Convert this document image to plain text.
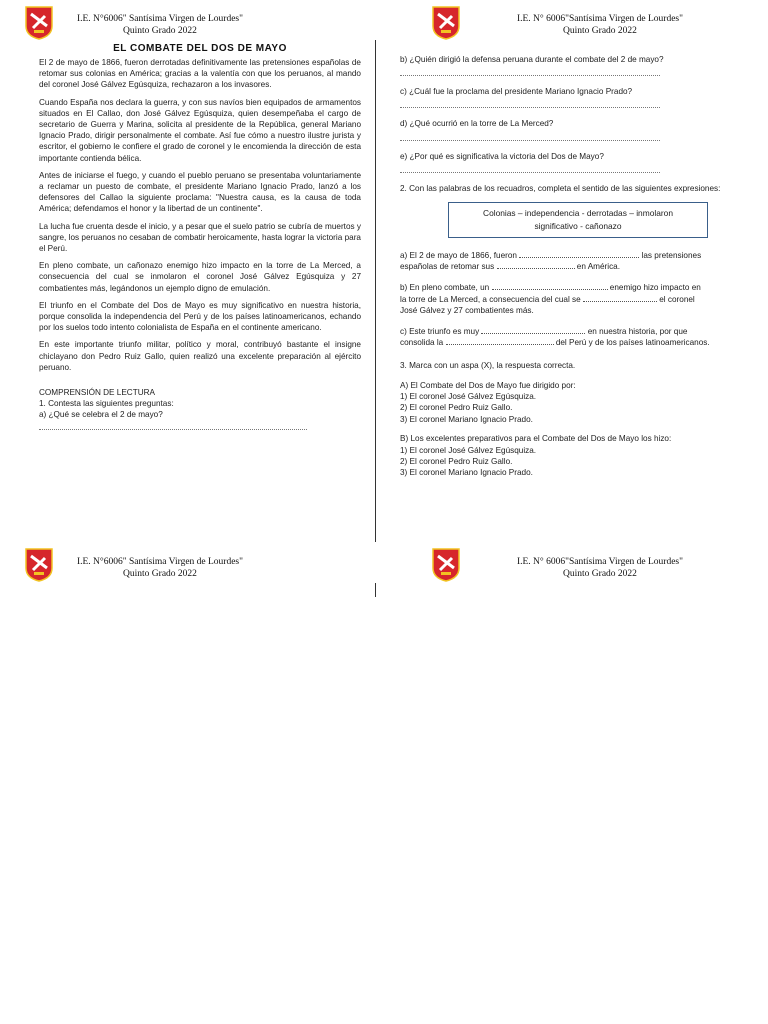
I.E. N°6006" Santísima Virgen de Lourdes"
Quinto Grado 2022
I.E. N° 6006"Santísima Virgen de Lourdes"
Quinto Grado 2022
I.E. N°6006" Santísima Virgen de Lourdes"
Quinto Grado 2022
I.E. N° 6006"Santísima Virgen de Lourdes"
Quinto Grado 2022
EL COMBATE DEL DOS DE MAYO

El 2 de mayo de 1866, fueron derrotadas definitivamente las pretensiones españolas de retomar sus colonias en América; gracias a la valentía con que los peruanos, al mando del coronel José Gálvez Egúsquiza, rechazaron a los invasores.

Cuando España nos declara la guerra, y con sus navíos bien equipados de armamentos situados en El Callao, don José Gálvez Egúsquiza, quien desempeñaba el cargo de secretario de Guerra y Marina, solicita al presidente de la República, general Mariano Ignacio Prado, dirigir personalmente el combate. Así fue cómo a nuestro ilustre jurista y escritor, el gobierno le confiere el grado de coronel y le encomienda la dirección de esta importante contienda bélica.

Antes de iniciarse el fuego, y cuando el pueblo peruano se presentaba voluntariamente a reclamar un puesto de combate, el presidente Mariano Ignacio Prado, lanzó a los defensores del Callao la siguiente proclama: "Nuestra causa, es la causa de toda América; defendamos el honor y la libertad de un continente".

La lucha fue cruenta desde el inicio, y a pesar que el suelo patrio se cubría de muertos y sangre, los peruanos no cesaban de combatir heroicamente, hasta lograr la victoria para el Perú.

En pleno combate, un cañonazo enemigo hizo impacto en la torre de La Merced, a consecuencia del cual se inmolaron el coronel José Gálvez Egúsquiza y 27 combatientes más, legándonos un ejemplo digno de emulación.

El triunfo en el Combate del Dos de Mayo es muy significativo en nuestra historia, porque consolida la independencia del Perú y de los países latinoamericanos, echando por los suelos todo intento colonialista de España en el continente americano.

En este importante triunfo militar, político y moral, contribuyó bastante el insigne chiclayano don Pedro Ruiz Gallo, quien realizó una excelente preparación al ejército peruano.

COMPRENSIÓN DE LECTURA
1. Contesta las siguientes preguntas:
a) ¿Qué se celebra el 2 de mayo?
b) ¿Quién dirigió la defensa peruana durante el combate del 2 de mayo?
c) ¿Cuál fue la proclama del presidente Mariano Ignacio Prado?
d) ¿Qué ocurrió en la torre de La Merced?
e) ¿Por qué es significativa la victoria del Dos de Mayo?

2. Con las palabras de los recuadros, completa el sentido de las siguientes expresiones:

Colonias – independencia - derrotadas – inmolaron
significativo - cañonazo
a) El 2 de mayo de 1866, fueron	las pretensiones
españolas de retomar sus	en América.
b) En pleno combate, un	enemigo hizo impacto en
la torre de La Merced, a consecuencia del cual se	el coronel
José Gálvez y 27 combatientes más.
c) Este triunfo es muy	en nuestra historia, por que
consolida la	del Perú y de los países latinoamericanos.
3. Marca con un aspa (X), la respuesta correcta.
A) El Combate del Dos de Mayo fue dirigido por:
1) El coronel José Gálvez Egúsquiza.
2) El coronel Pedro Ruiz Gallo.
3) El coronel Mariano Ignacio Prado.
B) Los excelentes preparativos para el Combate del Dos de Mayo los hizo:
1) El coronel José Gálvez Egúsquiza.
2) El coronel Pedro Ruiz Gallo.
3) El coronel Mariano Ignacio Prado.
